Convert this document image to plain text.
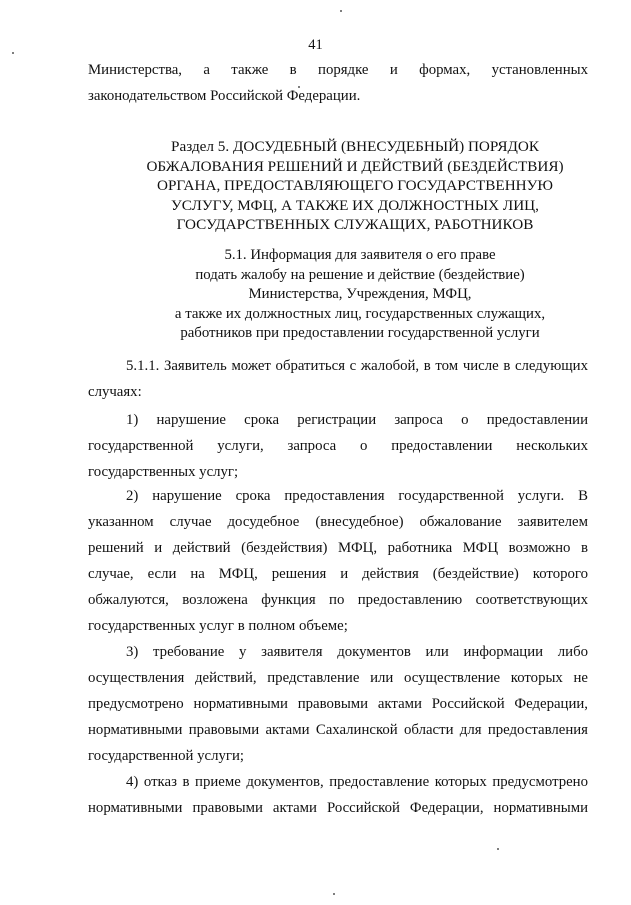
41
Министерства, а также в порядке и формах, установленных
законодательством Российской Федерации.
Раздел 5. ДОСУДЕБНЫЙ (ВНЕСУДЕБНЫЙ) ПОРЯДОК
ОБЖАЛОВАНИЯ РЕШЕНИЙ И ДЕЙСТВИЙ (БЕЗДЕЙСТВИЯ)
ОРГАНА, ПРЕДОСТАВЛЯЮЩЕГО ГОСУДАРСТВЕННУЮ
УСЛУГУ, МФЦ, А ТАКЖЕ ИХ ДОЛЖНОСТНЫХ ЛИЦ,
ГОСУДАРСТВЕННЫХ СЛУЖАЩИХ, РАБОТНИКОВ
5.1. Информация для заявителя о его праве
подать жалобу на решение и действие (бездействие)
Министерства, Учреждения, МФЦ,
а также их должностных лиц, государственных служащих,
работников при предоставлении государственной услуги
5.1.1. Заявитель может обратиться с жалобой, в том числе в следующих
случаях:
1) нарушение срока регистрации запроса о предоставлении
государственной услуги, запроса о предоставлении нескольких
государственных услуг;
2) нарушение срока предоставления государственной услуги. В
указанном случае досудебное (внесудебное) обжалование заявителем
решений и действий (бездействия) МФЦ, работника МФЦ возможно в
случае, если на МФЦ, решения и действия (бездействие) которого
обжалуются, возложена функция по предоставлению соответствующих
государственных услуг в полном объеме;
3) требование у заявителя документов или информации либо
осуществления действий, представление или осуществление которых не
предусмотрено нормативными правовыми актами Российской Федерации,
нормативными правовыми актами Сахалинской области для предоставления
государственной услуги;
4) отказ в приеме документов, предоставление которых предусмотрено
нормативными правовыми актами Российской Федерации, нормативными
